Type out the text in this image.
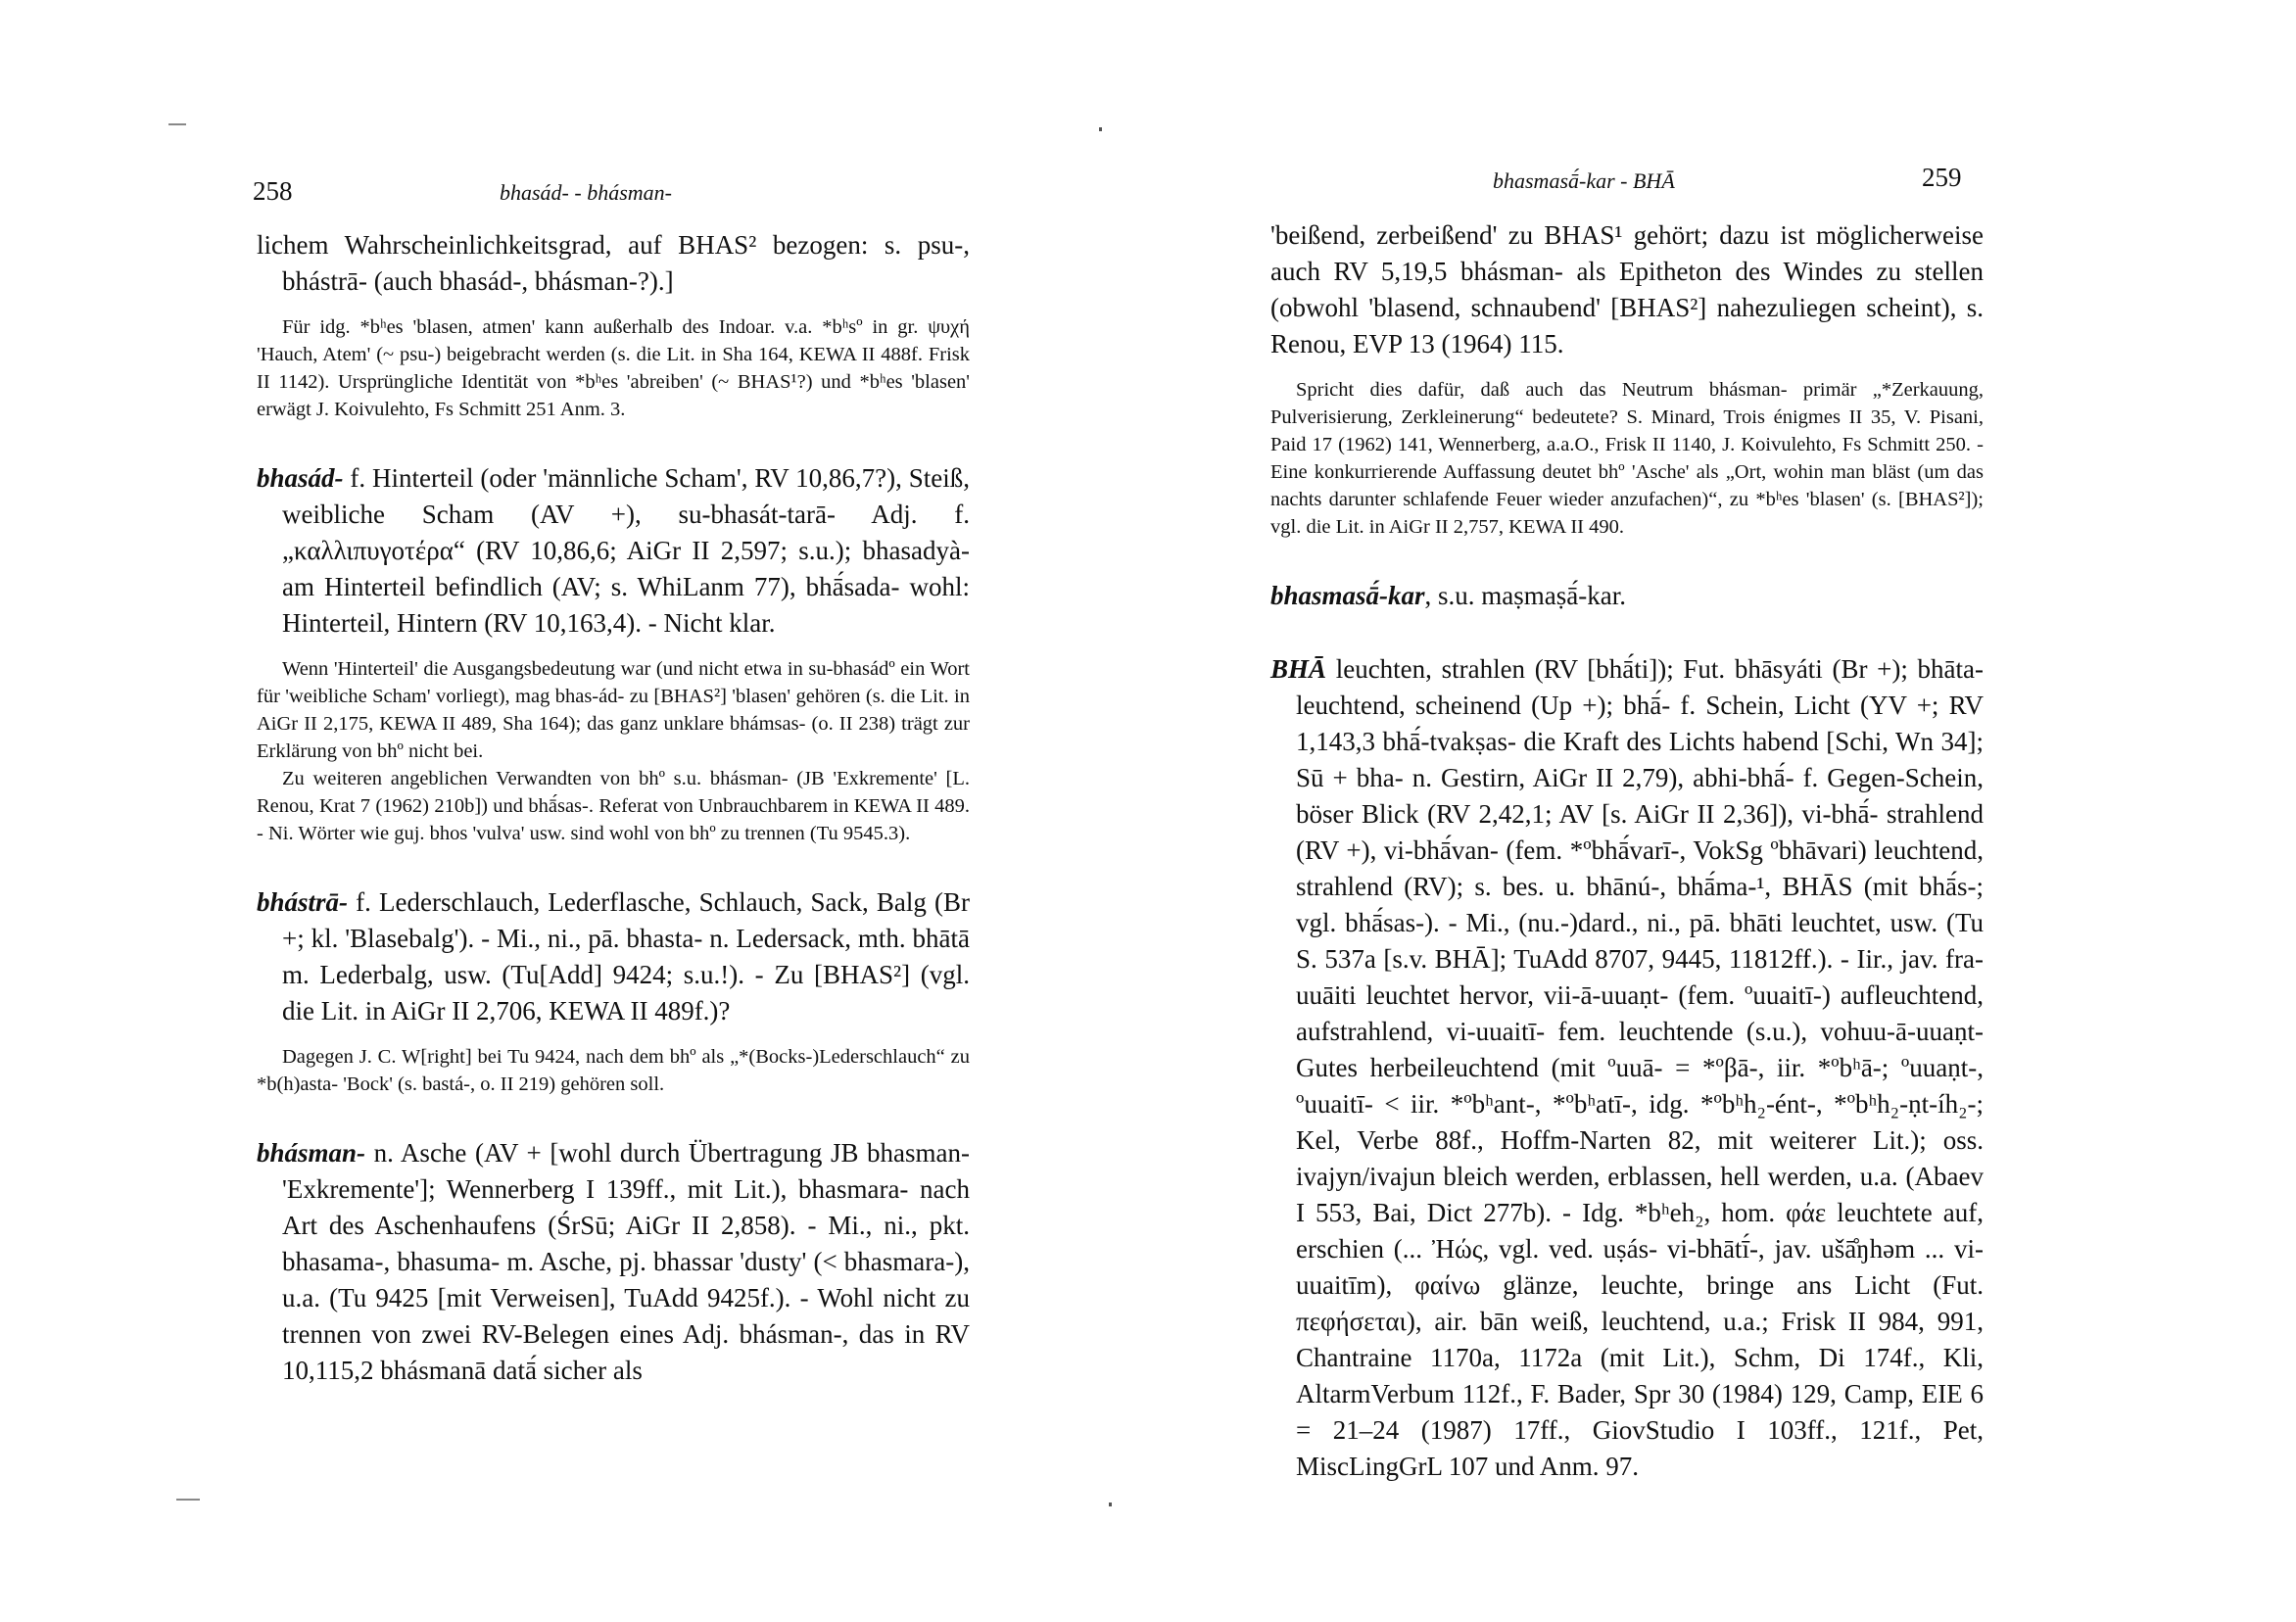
258	bhasád- - bhásman-

lichem Wahrscheinlichkeitsgrad, auf BHAS² bezogen: s. psu-, bhástrā- (auch bhasád-, bhásman-?).]

Für idg. *bʰes 'blasen, atmen' kann außerhalb des Indoar. v.a. *bʰsº in gr. ψυχή 'Hauch, Atem' (~ psu-) beigebracht werden (s. die Lit. in Sha 164, KEWA II 488f. Frisk II 1142). Ursprüngliche Identität von *bʰes 'abreiben' (~ BHAS¹?) und *bʰes 'blasen' erwägt J. Koivulehto, Fs Schmitt 251 Anm. 3.

bhasád- f. Hinterteil (oder 'männliche Scham', RV 10,86,7?), Steiß, weibliche Scham (AV +), su-bhasát-tarā- Adj. f. „καλλιπυγοτέρα“ (RV 10,86,6; AiGr II 2,597; s.u.); bhasadyà- am Hinterteil befindlich (AV; s. WhiLanm 77), bhā́sada- wohl: Hinterteil, Hintern (RV 10,163,4). - Nicht klar.

Wenn 'Hinterteil' die Ausgangsbedeutung war (und nicht etwa in su-bhasádº ein Wort für 'weibliche Scham' vorliegt), mag bhas-ád- zu [BHAS²] 'blasen' gehören (s. die Lit. in AiGr II 2,175, KEWA II 489, Sha 164); das ganz unklare bhámsas- (o. II 238) trägt zur Erklärung von bhº nicht bei.

Zu weiteren angeblichen Verwandten von bhº s.u. bhásman- (JB 'Exkremente' [L. Renou, Krat 7 (1962) 210b]) und bhā́sas-. Referat von Unbrauchbarem in KEWA II 489. - Ni. Wörter wie guj. bhos 'vulva' usw. sind wohl von bhº zu trennen (Tu 9545.3).

bhástrā- f. Lederschlauch, Lederflasche, Schlauch, Sack, Balg (Br +; kl. 'Blasebalg'). - Mi., ni., pā. bhasta- n. Ledersack, mth. bhātā m. Lederbalg, usw. (Tu[Add] 9424; s.u.!). - Zu [BHAS²] (vgl. die Lit. in AiGr II 2,706, KEWA II 489f.)?

Dagegen J. C. W[right] bei Tu 9424, nach dem bhº als „*(Bocks-)Lederschlauch“ zu *b(h)asta- 'Bock' (s. bastá-, o. II 219) gehören soll.

bhásman- n. Asche (AV + [wohl durch Übertragung JB bhasman- 'Exkremente']; Wennerberg I 139ff., mit Lit.), bhasmara- nach Art des Aschenhaufens (ŚrSū; AiGr II 2,858). - Mi., ni., pkt. bhasama-, bhasuma- m. Asche, pj. bhassar 'dusty' (< bhasmara-), u.a. (Tu 9425 [mit Verweisen], TuAdd 9425f.). - Wohl nicht zu trennen von zwei RV-Belegen eines Adj. bhásman-, das in RV 10,115,2 bhásmanā datā́ sicher als

bhasmasā́-kar - BHĀ	259

'beißend, zerbeißend' zu BHAS¹ gehört; dazu ist möglicherweise auch RV 5,19,5 bhásman- als Epitheton des Windes zu stellen (obwohl 'blasend, schnaubend' [BHAS²] nahezuliegen scheint), s. Renou, EVP 13 (1964) 115.

Spricht dies dafür, daß auch das Neutrum bhásman- primär „*Zerkauung, Pulverisierung, Zerkleinerung“ bedeutete? S. Minard, Trois énigmes II 35, V. Pisani, Paid 17 (1962) 141, Wennerberg, a.a.O., Frisk II 1140, J. Koivulehto, Fs Schmitt 250. - Eine konkurrierende Auffassung deutet bhº 'Asche' als „Ort, wohin man bläst (um das nachts darunter schlafende Feuer wieder anzufachen)“, zu *bʰes 'blasen' (s. [BHAS²]); vgl. die Lit. in AiGr II 2,757, KEWA II 490.

bhasmasā́-kar, s.u. maṣmaṣā́-kar.

BHĀ leuchten, strahlen (RV [bhā́ti]); Fut. bhāsyáti (Br +); bhāta- leuchtend, scheinend (Up +); bhā́- f. Schein, Licht (YV +; RV 1,143,3 bhā́-tvakṣas- die Kraft des Lichts habend [Schi, Wn 34]; Sū + bha- n. Gestirn, AiGr II 2,79), abhi-bhā́- f. Gegen-Schein, böser Blick (RV 2,42,1; AV [s. AiGr II 2,36]), vi-bhā́- strahlend (RV +), vi-bhā́van- (fem. *ºbhā́varī-, VokSg ºbhāvari) leuchtend, strahlend (RV); s. bes. u. bhānú-, bhā́ma-¹, BHĀS (mit bhā́s-; vgl. bhā́sas-). - Mi., (nu.-)dard., ni., pā. bhāti leuchtet, usw. (Tu S. 537a [s.v. BHĀ]; TuAdd 8707, 9445, 11812ff.). - Iir., jav. fra-uuāiti leuchtet hervor, vii-ā-uuaṇt- (fem. ºuuaitī-) aufleuchtend, aufstrahlend, vi-uuaitī- fem. leuchtende (s.u.), vohuu-ā-uuaṇt- Gutes herbeileuchtend (mit ºuuā- = *ºβā-, iir. *ºbʰā-; ºuuaṇt-, ºuuaitī- < iir. *ºbʰant-, *ºbʰatī-, idg. *ºbʰh₂-ént-, *ºbʰh₂-ṇt-íh₂-; Kel, Verbe 88f., Hoffm-Narten 82, mit weiterer Lit.); oss. ivajyn/ivajun bleich werden, erblassen, hell werden, u.a. (Abaev I 553, Bai, Dict 277b). - Idg. *bʰeh₂, hom. φάε leuchtete auf, erschien (... Ἠώς, vgl. ved. uṣás- vi-bhātī́-, jav. ušā̊ŋhəm ... vi-uuaitīm), φαίνω glänze, leuchte, bringe ans Licht (Fut. πεφήσεται), air. bān weiß, leuchtend, u.a.; Frisk II 984, 991, Chantraine 1170a, 1172a (mit Lit.), Schm, Di 174f., Kli, AltarmVerbum 112f., F. Bader, Spr 30 (1984) 129, Camp, EIE 6 = 21–24 (1987) 17ff., GiovStudio I 103ff., 121f., Pet, MiscLingGrL 107 und Anm. 97.
